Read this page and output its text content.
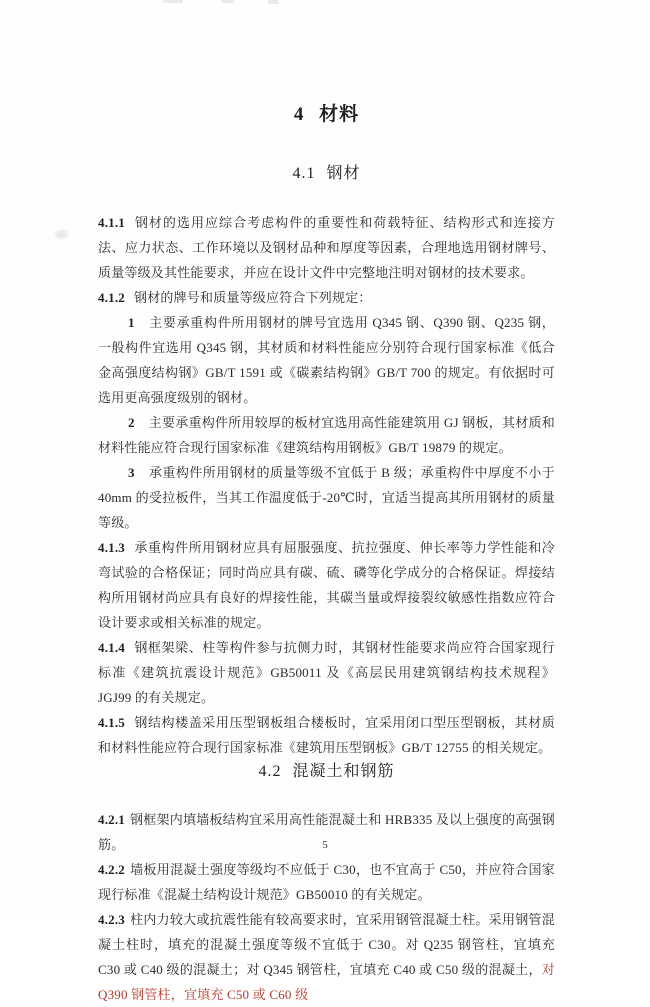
4 材料
4.1 钢材

4.1.1 钢材的选用应综合考虑构件的重要性和荷载特征、结构形式和连接方法、应力状态、工作环境以及钢材品种和厚度等因素，合理地选用钢材牌号、质量等级及其性能要求，并应在设计文件中完整地注明对钢材的技术要求。

4.1.2 钢材的牌号和质量等级应符合下列规定：

1 主要承重构件所用钢材的牌号宜选用 Q345 钢、Q390 钢、Q235 钢，一般构件宜选用 Q345 钢，其材质和材料性能应分别符合现行国家标准《低合金高强度结构钢》GB/T 1591 或《碳素结构钢》GB/T 700 的规定。有依据时可选用更高强度级别的钢材。

2 主要承重构件所用较厚的板材宜选用高性能建筑用 GJ 钢板，其材质和材料性能应符合现行国家标准《建筑结构用钢板》GB/T 19879 的规定。

3 承重构件所用钢材的质量等级不宜低于 B 级；承重构件中厚度不小于 40mm 的受拉板件，当其工作温度低于-20℃时，宜适当提高其所用钢材的质量等级。

4.1.3 承重构件所用钢材应具有屈服强度、抗拉强度、伸长率等力学性能和冷弯试验的合格保证；同时尚应具有碳、硫、磷等化学成分的合格保证。焊接结构所用钢材尚应具有良好的焊接性能，其碳当量或焊接裂纹敏感性指数应符合设计要求或相关标准的规定。

4.1.4 钢框架梁、柱等构件参与抗侧力时，其钢材性能要求尚应符合国家现行标准《建筑抗震设计规范》GB50011 及《高层民用建筑钢结构技术规程》JGJ99 的有关规定。

4.1.5 钢结构楼盖采用压型钢板组合楼板时，宜采用闭口型压型钢板，其材质和材料性能应符合现行国家标准《建筑用压型钢板》GB/T 12755 的相关规定。

4.2 混凝土和钢筋

4.2.1 钢框架内填墙板结构宜采用高性能混凝土和 HRB335 及以上强度的高强钢筋。

4.2.2 墙板用混凝土强度等级均不应低于 C30，也不宜高于 C50，并应符合国家现行标准《混凝土结构设计规范》GB50010 的有关规定。

4.2.3 柱内力较大或抗震性能有较高要求时，宜采用钢管混凝土柱。采用钢管混凝土柱时，填充的混凝土强度等级不宜低于 C30。对 Q235 钢管柱，宜填充 C30 或 C40 级的混凝土；对 Q345 钢管柱，宜填充 C40 或 C50 级的混凝土，对 Q390 钢管柱，宜填充 C50 或 C60 级

5
